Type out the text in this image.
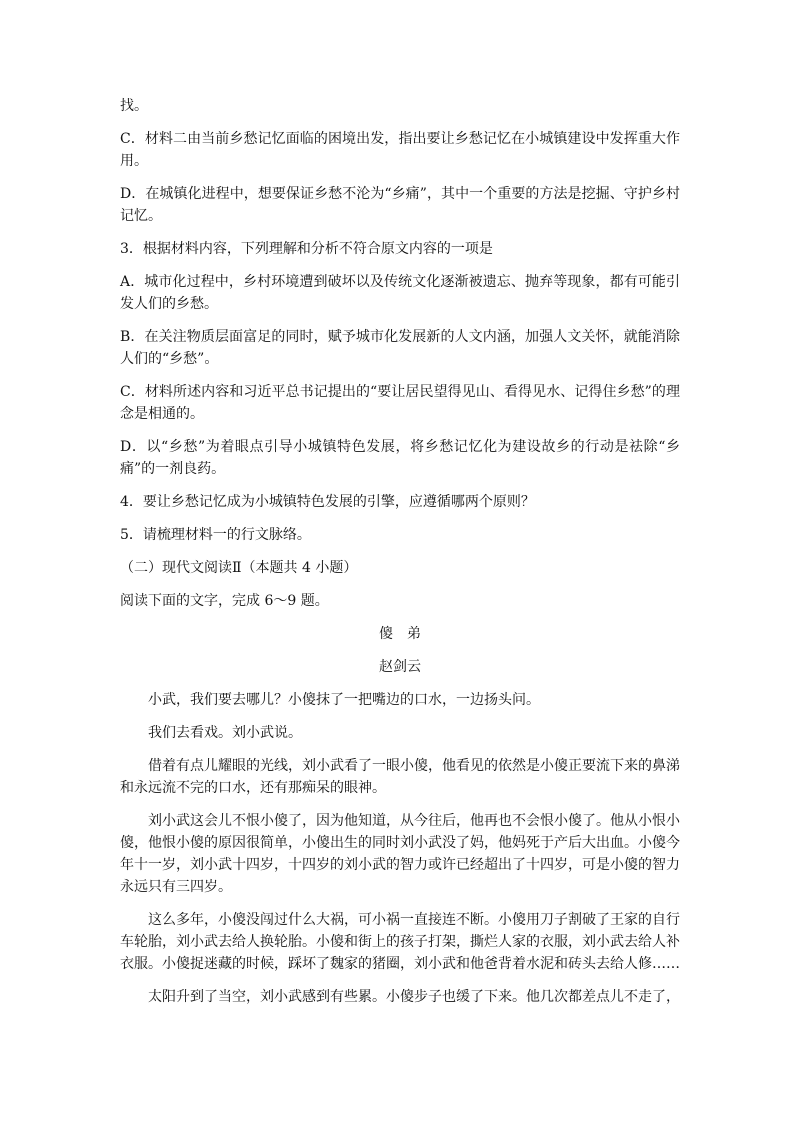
找。

C．材料二由当前乡愁记忆面临的困境出发，指出要让乡愁记忆在小城镇建设中发挥重大作用。

D．在城镇化进程中，想要保证乡愁不沦为“乡痛”，其中一个重要的方法是挖掘、守护乡村记忆。

3．根据材料内容，下列理解和分析不符合原文内容的一项是

A．城市化过程中，乡村环境遭到破坏以及传统文化逐渐被遗忘、抛弃等现象，都有可能引发人们的乡愁。

B．在关注物质层面富足的同时，赋予城市化发展新的人文内涵，加强人文关怀，就能消除人们的“乡愁”。

C．材料所述内容和习近平总书记提出的“要让居民望得见山、看得见水、记得住乡愁”的理念是相通的。

D．以“乡愁”为着眼点引导小城镇特色发展，将乡愁记忆化为建设故乡的行动是祛除“乡痛”的一剂良药。

4．要让乡愁记忆成为小城镇特色发展的引擎，应遵循哪两个原则？

5．请梳理材料一的行文脉络。

（二）现代文阅读Ⅱ（本题共 4 小题）

阅读下面的文字，完成 6～9 题。

傻　弟

赵剑云

小武，我们要去哪儿？小傻抹了一把嘴边的口水，一边扬头问。

我们去看戏。刘小武说。

借着有点儿耀眼的光线，刘小武看了一眼小傻，他看见的依然是小傻正要流下来的鼻涕和永远流不完的口水，还有那痴呆的眼神。

刘小武这会儿不恨小傻了，因为他知道，从今往后，他再也不会恨小傻了。他从小恨小傻，他恨小傻的原因很简单，小傻出生的同时刘小武没了妈，他妈死于产后大出血。小傻今年十一岁，刘小武十四岁，十四岁的刘小武的智力或许已经超出了十四岁，可是小傻的智力永远只有三四岁。

这么多年，小傻没闯过什么大祸，可小祸一直接连不断。小傻用刀子割破了王家的自行车轮胎，刘小武去给人换轮胎。小傻和街上的孩子打架，撕烂人家的衣服，刘小武去给人补衣服。小傻捉迷藏的时候，踩坏了魏家的猪圈，刘小武和他爸背着水泥和砖头去给人修……

太阳升到了当空，刘小武感到有些累。小傻步子也缓了下来。他几次都差点儿不走了，
